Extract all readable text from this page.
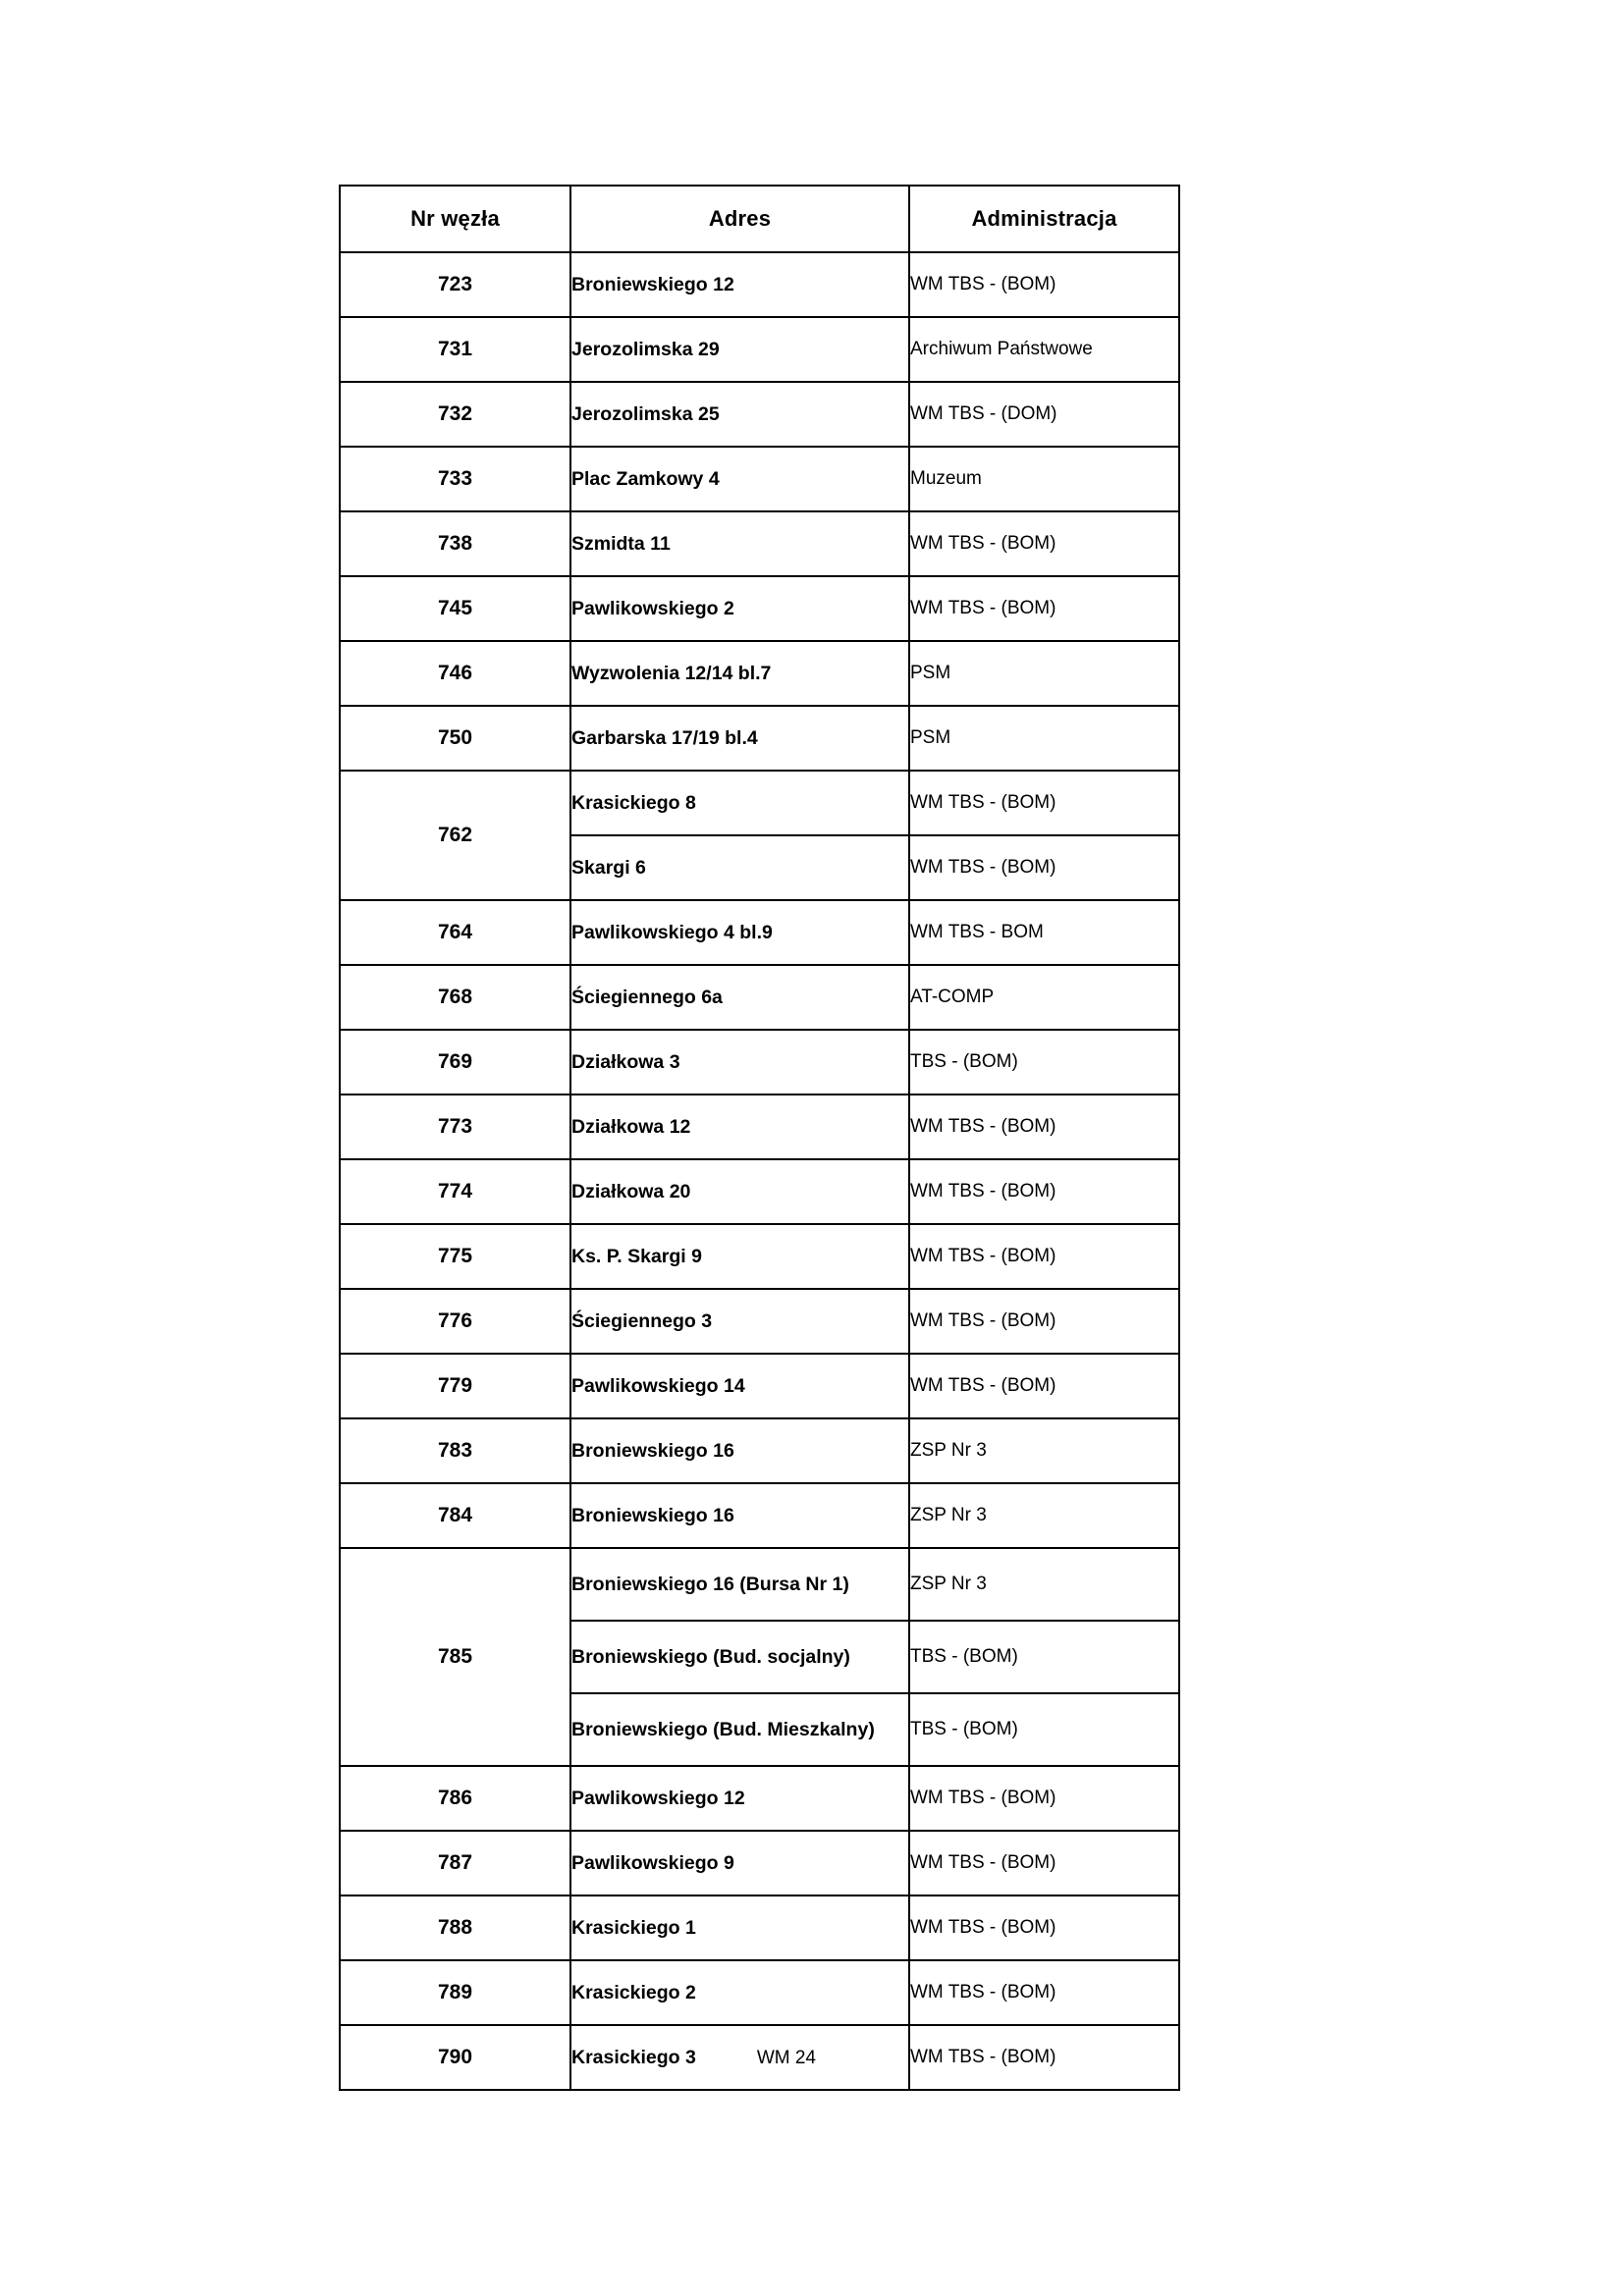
Nr węzła	Adres	Administracja
723	Broniewskiego 12	WM TBS - (BOM)
731	Jerozolimska 29	Archiwum Państwowe
732	Jerozolimska 25	WM TBS - (DOM)
733	Plac Zamkowy 4	Muzeum
738	Szmidta 11	WM TBS - (BOM)
745	Pawlikowskiego 2	WM TBS - (BOM)
746	Wyzwolenia 12/14 bl.7	PSM
750	Garbarska 17/19 bl.4	PSM
762	Krasickiego 8	WM TBS - (BOM)
	Skargi 6	WM TBS - (BOM)
764	Pawlikowskiego 4 bl.9	WM TBS - BOM
768	Ściegiennego 6a	AT-COMP
769	Działkowa 3	TBS - (BOM)
773	Działkowa 12	WM TBS - (BOM)
774	Działkowa 20	WM TBS - (BOM)
775	Ks. P. Skargi 9	WM TBS - (BOM)
776	Ściegiennego 3	WM TBS - (BOM)
779	Pawlikowskiego 14	WM TBS - (BOM)
783	Broniewskiego 16	ZSP Nr 3
784	Broniewskiego 16	ZSP Nr 3
785	Broniewskiego 16 (Bursa Nr 1)	ZSP Nr 3
	Broniewskiego (Bud. socjalny)	TBS - (BOM)
	Broniewskiego (Bud. Mieszkalny)	TBS - (BOM)
786	Pawlikowskiego 12	WM TBS - (BOM)
787	Pawlikowskiego 9	WM TBS - (BOM)
788	Krasickiego 1	WM TBS - (BOM)
789	Krasickiego 2	WM TBS - (BOM)
790	Krasickiego 3 WM 24	WM TBS - (BOM)
